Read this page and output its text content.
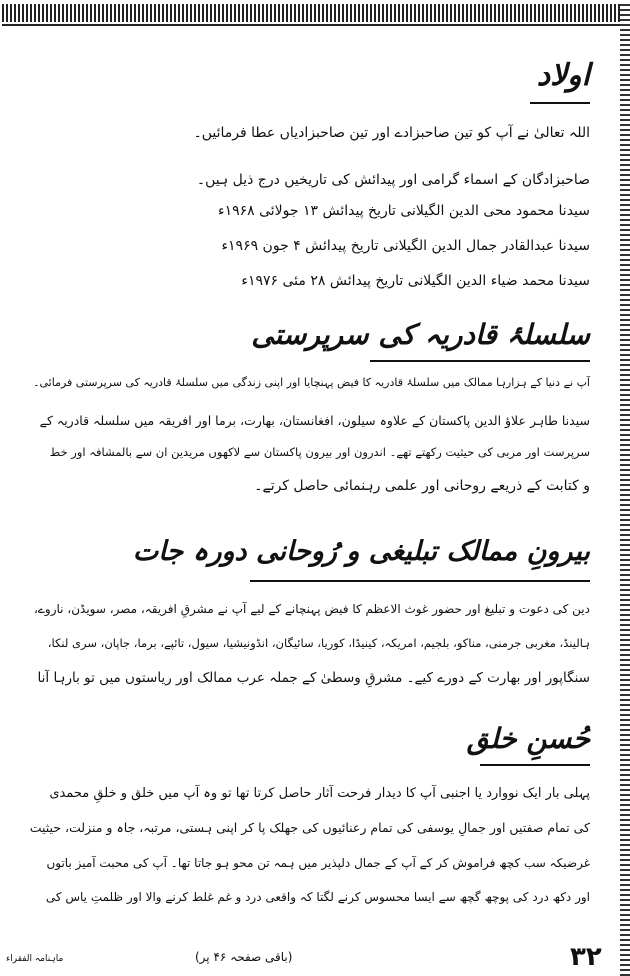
اولاد
اللہ تعالیٰ نے آپ کو تین صاحبزادے اور تین صاحبزادیاں عطا فرمائیں۔
صاحبزادگان کے اسماء گرامی اور پیدائش کی تاریخیں درج ذیل ہیں۔
سیدنا محمود محی الدین الگیلانی تاریخ پیدائش ۱۳ جولائی ۱۹۶۸ء
سیدنا عبدالقادر جمال الدین الگیلانی تاریخ پیدائش ۴ جون ۱۹۶۹ء
سیدنا محمد ضیاء الدین الگیلانی تاریخ پیدائش ۲۸ مئی ۱۹۷۶ء
سلسلۂ قادریہ کی سرپرستی
آپ نے دنیا کے ہزارہا ممالک میں سلسلۂ قادریہ کا فیض پہنچایا اور اپنی زندگی میں سلسلۂ قادریہ کی سرپرستی فرمائی۔
سیدنا طاہر علاؤ الدین پاکستان کے علاوہ سیلون، افغانستان، بھارت، برما اور افریقہ میں سلسلہ قادریہ کے
سرپرست اور مربی کی حیثیت رکھتے تھے۔ اندرون اور بیرون پاکستان سے لاکھوں مریدین ان سے بالمشافہ اور خط
و کتابت کے ذریعے روحانی اور علمی رہنمائی حاصل کرتے۔
بیرونِ ممالک تبلیغی و رُوحانی دورہ جات
دین کی دعوت و تبلیغ اور حضور غوث الاعظم کا فیض پہنچانے کے لیے آپ نے مشرقِ افریقہ، مصر، سویڈن، ناروے،
ہالینڈ، مغربی جرمنی، مناکو، بلجیم، امریکہ، کینیڈا، کوریا، سائیگان، انڈونیشیا، سیول، تائپے، برما، جاپان، سری لنکا،
سنگاپور اور بھارت کے دورے کیے۔ مشرقِ وسطیٰ کے جملہ عرب ممالک اور ریاستوں میں تو بارہا آنا
حُسنِ خلق
پہلی بار ایک نووارد یا اجنبی آپ کا دیدار فرحت آثار حاصل کرتا تھا تو وہ آپ میں خلق و خلقِ محمدی
کی تمام صفتیں اور جمالِ یوسفی کی تمام رعنائیوں کی جھلک پا کر اپنی ہستی، مرتبہ، جاہ و منزلت، حیثیت
غرضیکہ سب کچھ فراموش کر کے آپ کے جمال دلپذیر میں ہمہ تن محو ہو جاتا تھا۔ آپ کی محبت آمیز باتوں
اور دکھ درد کی پوچھ گچھ سے ایسا محسوس کرنے لگتا کہ واقعی درد و غم غلط کرنے والا اور ظلمتِ یاس کی
ماہنامہ الفقراء	(باقی صفحہ ۴۶ پر)	۳۲
